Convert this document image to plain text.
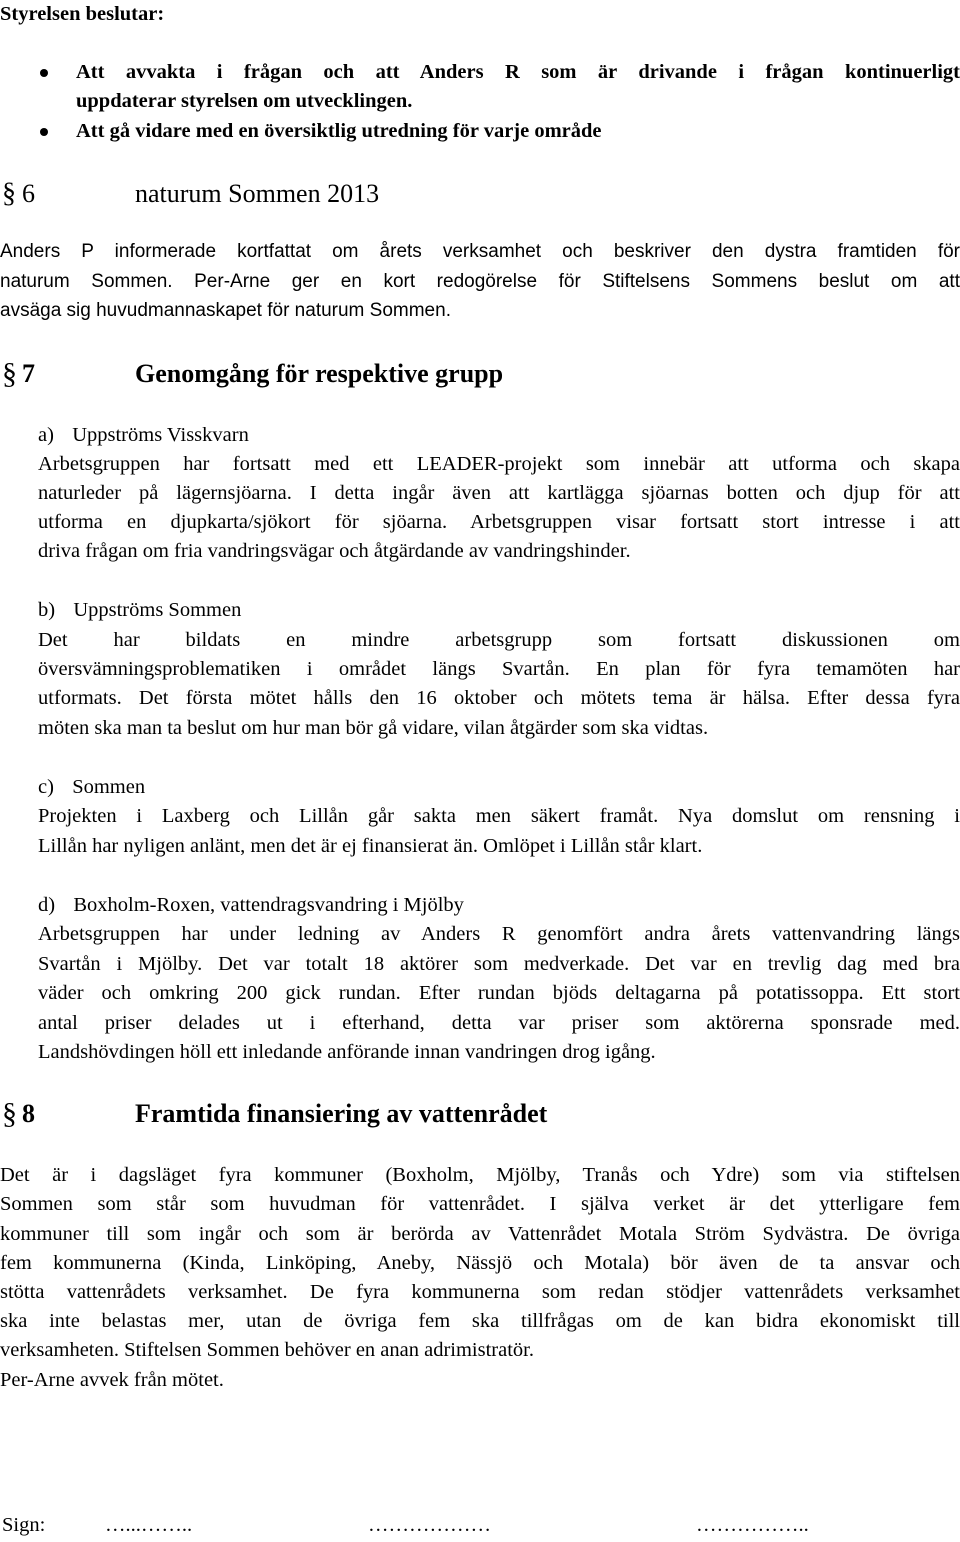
Styrelsen beslutar:
Att avvakta i frågan och att Anders R som är drivande i frågan kontinuerligt
uppdaterar styrelsen om utvecklingen.
Att gå vidare med en översiktlig utredning för varje område
§ 6	naturum Sommen 2013
Anders P informerade kortfattat om årets verksamhet och beskriver den dystra framtiden för
naturum Sommen. Per-Arne ger en kort redogörelse för Stiftelsens Sommens beslut om att
avsäga sig huvudmannaskapet för naturum Sommen.
§ 7	Genomgång för respektive grupp
a) Uppströms Visskvarn
Arbetsgruppen har fortsatt med ett LEADER-projekt som innebär att utforma och skapa
naturleder på lägernsjöarna. I detta ingår även att kartlägga sjöarnas botten och djup för att
utforma en djupkarta/sjökort för sjöarna. Arbetsgruppen visar fortsatt stort intresse i att
driva frågan om fria vandringsvägar och åtgärdande av vandringshinder.
b) Uppströms Sommen
Det har bildats en mindre arbetsgrupp som fortsatt diskussionen om
översvämningsproblematiken i området längs Svartån. En plan för fyra temamöten har
utformats. Det första mötet hålls den 16 oktober och mötets tema är hälsa. Efter dessa fyra
möten ska man ta beslut om hur man bör gå vidare, vilan åtgärder som ska vidtas.
c) Sommen
Projekten i Laxberg och Lillån går sakta men säkert framåt. Nya domslut om rensning i
Lillån har nyligen anlänt, men det är ej finansierat än. Omlöpet i Lillån står klart.
d) Boxholm-Roxen, vattendragsvandring i Mjölby
Arbetsgruppen har under ledning av Anders R genomfört andra årets vattenvandring längs
Svartån i Mjölby. Det var totalt 18 aktörer som medverkade. Det var en trevlig dag med bra
väder och omkring 200 gick rundan. Efter rundan bjöds deltagarna på potatissoppa. Ett stort
antal priser delades ut i efterhand, detta var priser som aktörerna sponsrade med.
Landshövdingen höll ett inledande anförande innan vandringen drog igång.
§ 8	Framtida finansiering av vattenrådet
Det är i dagsläget fyra kommuner (Boxholm, Mjölby, Tranås och Ydre) som via stiftelsen
Sommen som står som huvudman för vattenrådet. I själva verket är det ytterligare fem
kommuner till som ingår och som är berörda av Vattenrådet Motala Ström Sydvästra. De övriga
fem kommunerna (Kinda, Linköping, Aneby, Nässjö och Motala) bör även de ta ansvar och
stötta vattenrådets verksamhet. De fyra kommunerna som redan stödjer vattenrådets verksamhet
ska inte belastas mer, utan de övriga fem ska tillfrågas om de kan bidra ekonomiskt till
verksamheten. Stiftelsen Sommen behöver en anan adrimistratör.
Per-Arne avvek från mötet.
Sign:	…...……..	………………	……………..
